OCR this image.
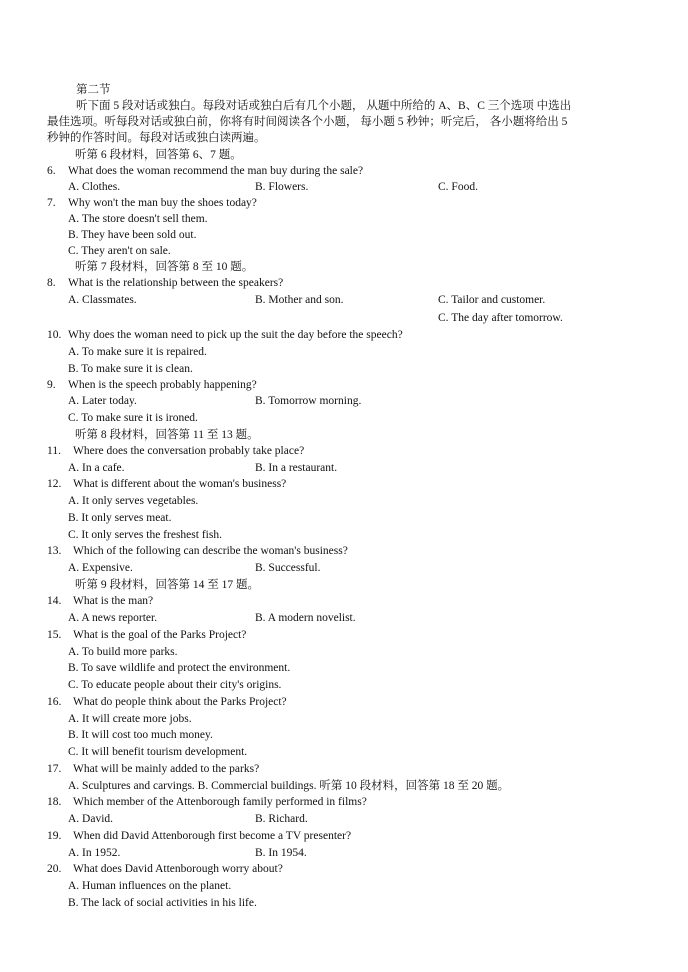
第二节
听下面 5 段对话或独白。每段对话或独白后有几个小题， 从题中所给的 A、B、C 三个选项 中选出
最佳选项。听每段对话或独白前，你将有时间阅读各个小题， 每小题 5 秒钟；听完后， 各小题将给出 5
秒钟的作答时间。每段对话或独白读两遍。
听第 6 段材料，回答第 6、7 题。
6. What does the woman recommend the man buy during the sale?
A. Clothes.	B. Flowers.	C. Food.
7. Why won't the man buy the shoes today?
A. The store doesn't sell them.
B. They have been sold out.
C. They aren't on sale.
听第 7 段材料，回答第 8 至 10 题。
8. What is the relationship between the speakers?
A. Classmates.	B. Mother and son.	C. Tailor and customer.
C. The day after tomorrow.
10. Why does the woman need to pick up the suit the day before the speech?
A. To make sure it is repaired.
B. To make sure it is clean.
9. When is the speech probably happening?
A. Later today.	B. Tomorrow morning.
C. To make sure it is ironed.
听第 8 段材料，回答第 11 至 13 题。
11. Where does the conversation probably take place?
A. In a cafe.	B. In a restaurant.
12. What is different about the woman's business?
A. It only serves vegetables.
B. It only serves meat.
C. It only serves the freshest fish.
13. Which of the following can describe the woman's business?
A. Expensive.	B. Successful.
听第 9 段材料，回答第 14 至 17 题。
14. What is the man?
A. A news reporter.	B. A modern novelist.
15. What is the goal of the Parks Project?
A. To build more parks.
B. To save wildlife and protect the environment.
C. To educate people about their city's origins.
16. What do people think about the Parks Project?
A. It will create more jobs.
B. It will cost too much money.
C. It will benefit tourism development.
17. What will be mainly added to the parks?
A. Sculptures and carvings. B. Commercial buildings. 听第 10 段材料，回答第 18 至 20 题。
18. Which member of the Attenborough family performed in films?
A. David.	B. Richard.
19. When did David Attenborough first become a TV presenter?
A. In 1952.	B. In 1954.
20. What does David Attenborough worry about?
A. Human influences on the planet.
B. The lack of social activities in his life.
